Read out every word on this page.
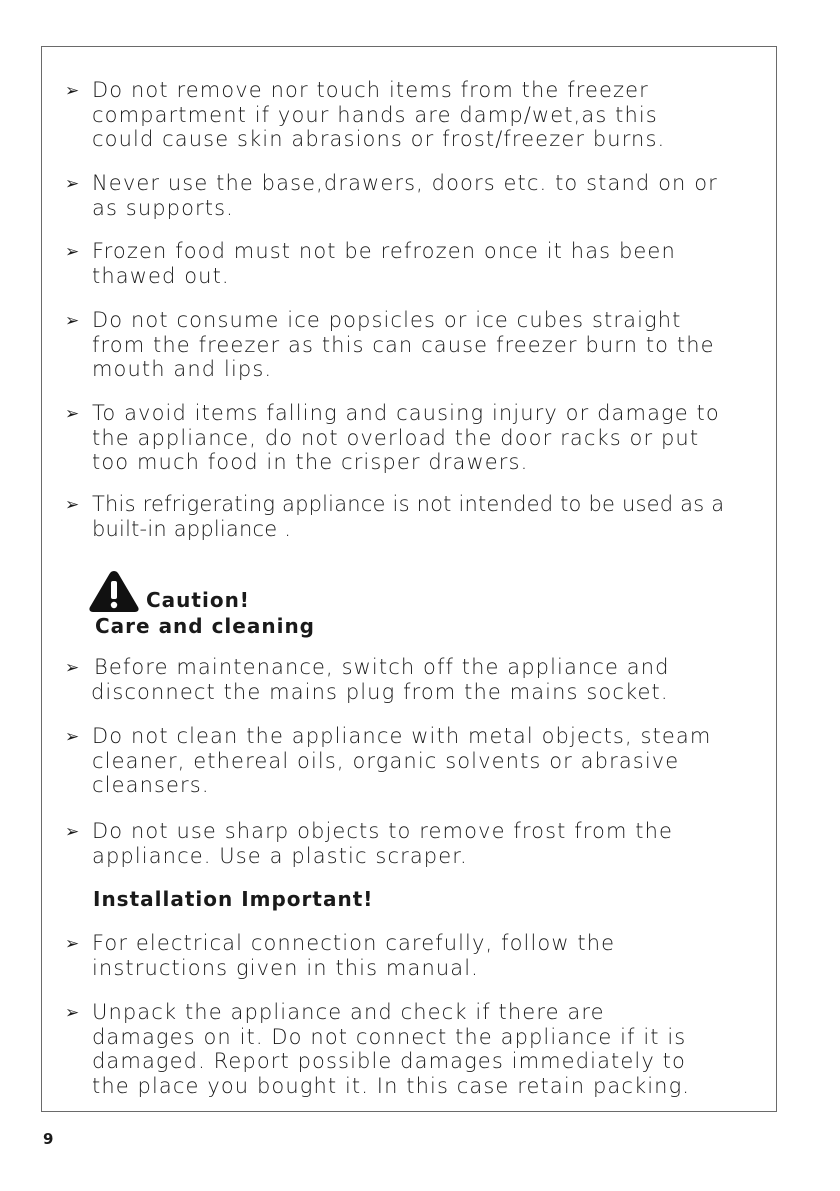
➢ Do not remove nor touch items from the freezer
compartment if your hands are damp/wet,as this
could cause skin abrasions or frost/freezer burns.

➢ Never use the base,drawers, doors etc. to stand on or
as supports.

➢ Frozen food must not be refrozen once it has been
thawed out.

➢ Do not consume ice popsicles or ice cubes straight
from the freezer as this can cause freezer burn to the
mouth and lips.

➢ To avoid items falling and causing injury or damage to
the appliance, do not overload the door racks or put
too much food in the crisper drawers.

➢ This refrigerating appliance is not intended to be used as a
built-in appliance .

Caution!
Care and cleaning
➢ Before maintenance, switch off the appliance and
disconnect the mains plug from the mains socket.

➢ Do not clean the appliance with metal objects, steam
cleaner, ethereal oils, organic solvents or abrasive
cleansers.

➢ Do not use sharp objects to remove frost from the
appliance. Use a plastic scraper.

Installation Important!
➢ For electrical connection carefully, follow the
instructions given in this manual.

➢ Unpack the appliance and check if there are
damages on it. Do not connect the appliance if it is
damaged. Report possible damages immediately to
the place you bought it. In this case retain packing.

9
